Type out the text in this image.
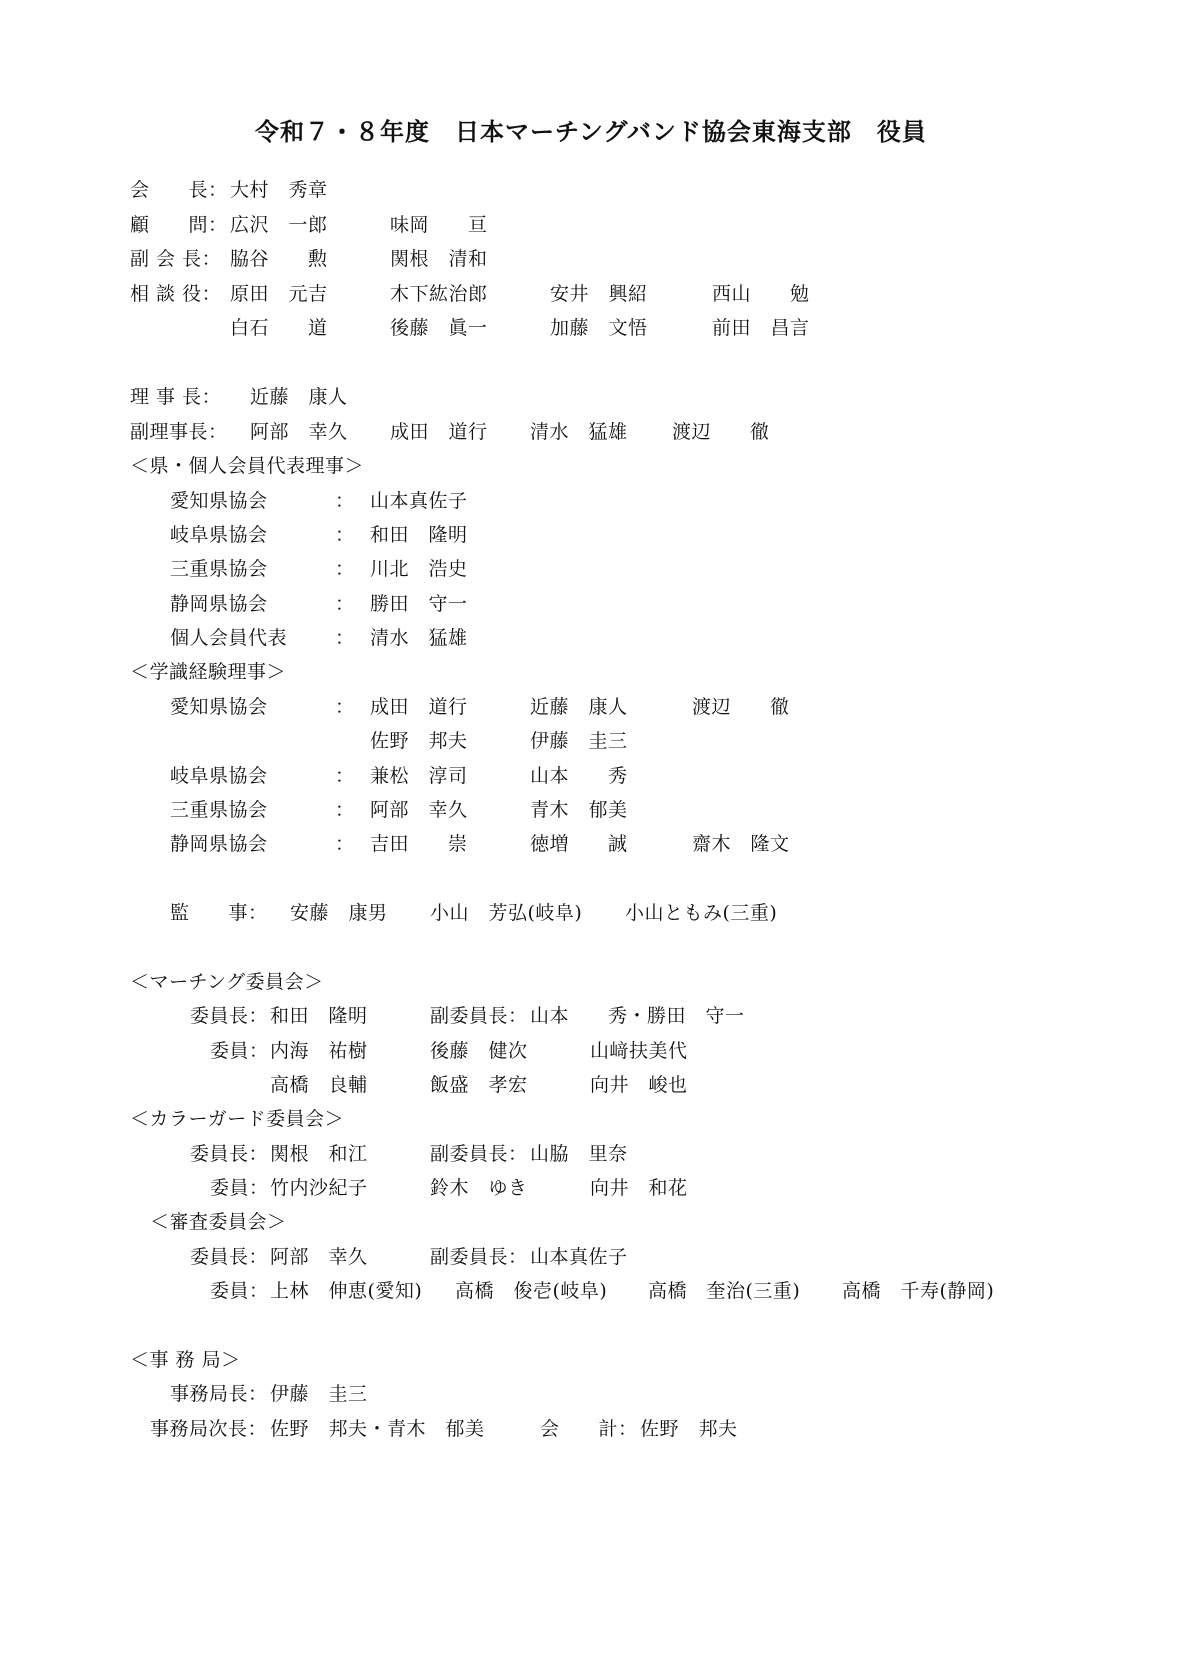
令和７・８年度　日本マーチングバンド協会東海支部　役員
会　　長： 大村　秀章
顧　　問： 広沢　一郎	味岡　　亘
副 会 長： 脇谷　　勲	関根　清和
相 談 役： 原田　元吉	木下紘治郎	安井　興紹	西山　　勉
白石　　道	後藤　眞一	加藤　文悟	前田　昌言
理 事 長： 近藤　康人
副理事長： 阿部　幸久 成田　道行 清水　猛雄 渡辺　　徹
＜県・個人会員代表理事＞
愛知県協会	： 山本真佐子
岐阜県協会	： 和田　隆明
三重県協会	： 川北　浩史
静岡県協会	： 勝田　守一
個人会員代表	： 清水　猛雄
＜学識経験理事＞
愛知県協会	： 成田　道行	近藤　康人	渡辺　　徹
佐野　邦夫	伊藤　圭三
岐阜県協会	： 兼松　淳司	山本　　秀
三重県協会	： 阿部　幸久	青木　郁美
静岡県協会	： 吉田　　崇	徳増　　誠	齋木　隆文
監　　事： 安藤　康男 小山　芳弘(岐阜) 小山ともみ(三重)
＜マーチング委員会＞
委員長： 和田　隆明	副委員長： 山本　　秀・勝田　守一
委員： 内海　祐樹	後藤　健次	山﨑扶美代
高橋　良輔	飯盛　孝宏	向井　峻也
＜カラーガード委員会＞
委員長： 関根　和江	副委員長： 山脇　里奈
委員： 竹内沙紀子	鈴木　ゆき	向井　和花
＜審査委員会＞
委員長： 阿部　幸久	副委員長： 山本真佐子
委員： 上林　伸恵(愛知) 高橋　俊壱(岐阜) 高橋　奎治(三重) 高橋　千寿(静岡)
＜事 務 局＞
事務局長： 伊藤　圭三
事務局次長： 佐野　邦夫・青木　郁美	会　　計： 佐野　邦夫
